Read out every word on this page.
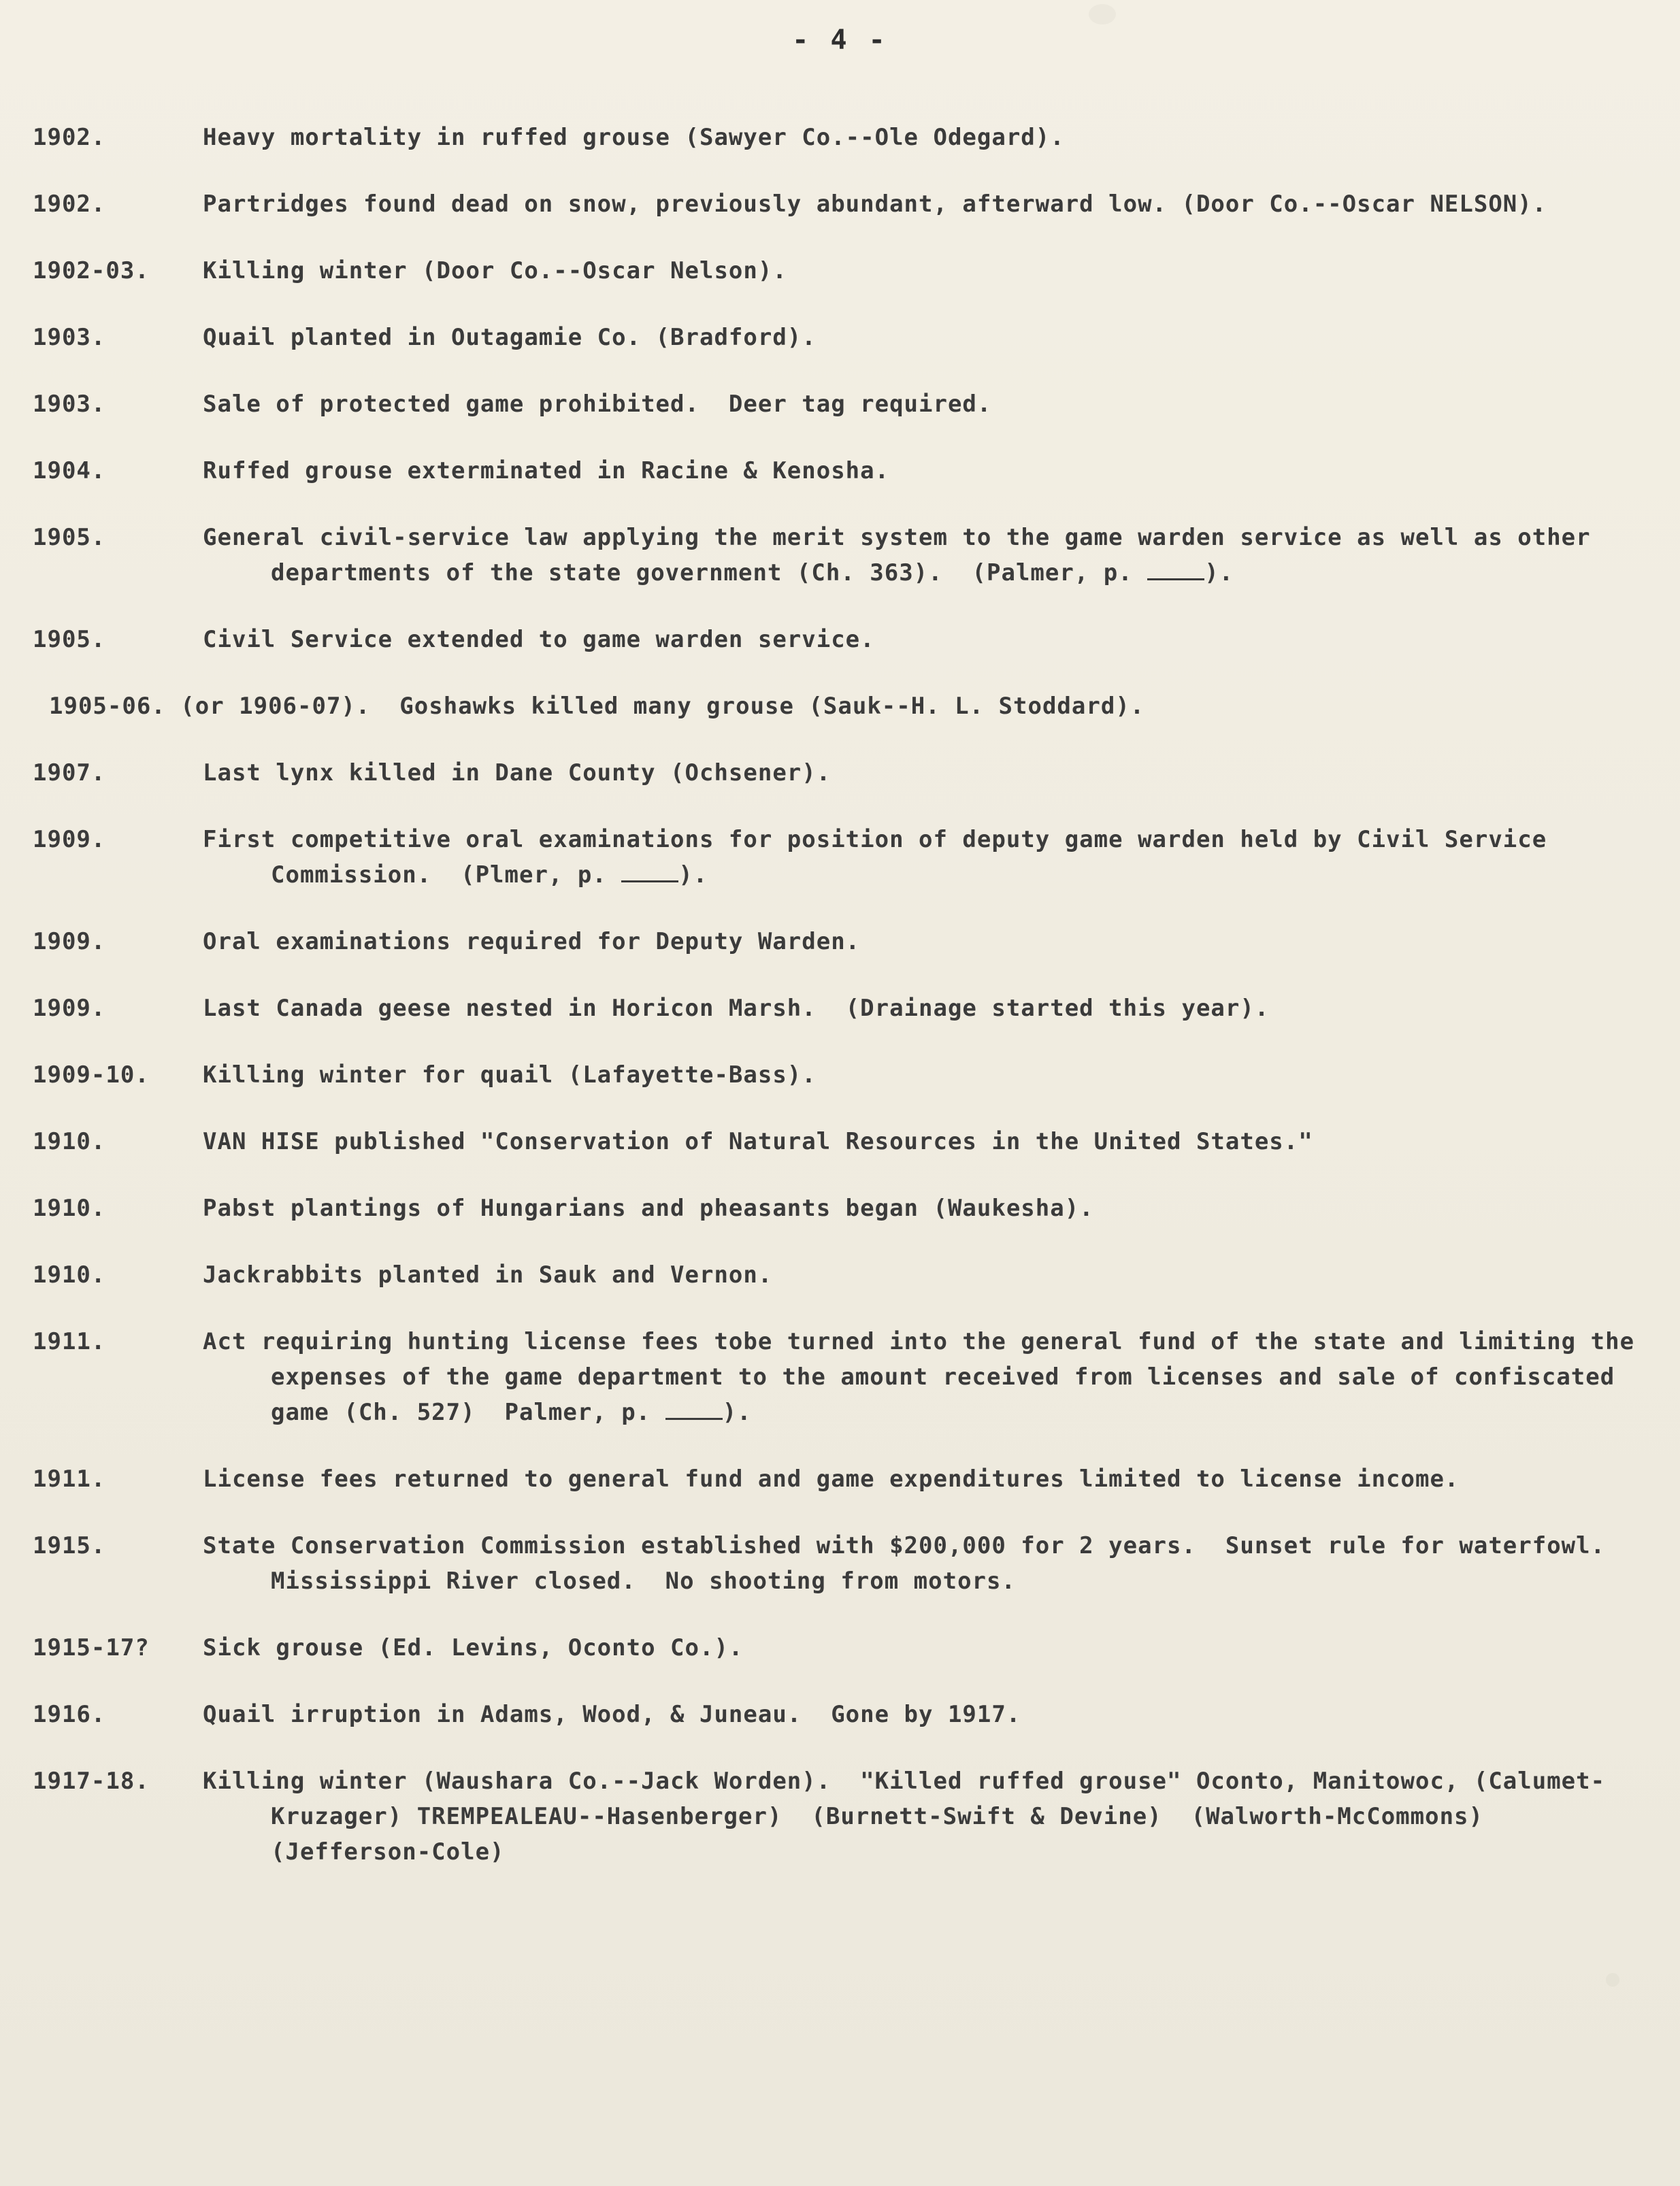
- 4 -
1902.	Heavy mortality in ruffed grouse (Sawyer Co.--Ole Odegard).
1902.	Partridges found dead on snow, previously abundant, afterward low. (Door Co.--Oscar NELSON).
1902-03.	Killing winter (Door Co.--Oscar Nelson).
1903.	Quail planted in Outagamie Co. (Bradford).
1903.	Sale of protected game prohibited.  Deer tag required.
1904.	Ruffed grouse exterminated in Racine & Kenosha.
1905.	General civil-service law applying the merit system to the game warden service as well as other departments of the state government (Ch. 363).  (Palmer, p. ).
1905.	Civil Service extended to game warden service.
1905-06. (or 1906-07).  Goshawks killed many grouse (Sauk--H. L. Stoddard).
1907.	Last lynx killed in Dane County (Ochsener).
1909.	First competitive oral examinations for position of deputy game warden held by Civil Service Commission.  (Plmer, p. ).
1909.	Oral examinations required for Deputy Warden.
1909.	Last Canada geese nested in Horicon Marsh.  (Drainage started this year).
1909-10.	Killing winter for quail (Lafayette-Bass).
1910.	VAN HISE published "Conservation of Natural Resources in the United States."
1910.	Pabst plantings of Hungarians and pheasants began (Waukesha).
1910.	Jackrabbits planted in Sauk and Vernon.
1911.	Act requiring hunting license fees tobe turned into the general fund of the state and limiting the expenses of the game department to the amount received from licenses and sale of confiscated game (Ch. 527)  Palmer, p. ).
1911.	License fees returned to general fund and game expenditures limited to license income.
1915.	State Conservation Commission established with $200,000 for 2 years.  Sunset rule for waterfowl.  Mississippi River closed.  No shooting from motors.
1915-17?	Sick grouse (Ed. Levins, Oconto Co.).
1916.	Quail irruption in Adams, Wood, & Juneau.  Gone by 1917.
1917-18.	Killing winter (Waushara Co.--Jack Worden).  "Killed ruffed grouse" Oconto, Manitowoc, (Calumet-Kruzager) TREMPEALEAU--Hasenberger)  (Burnett-Swift & Devine)  (Walworth-McCommons)  (Jefferson-Cole)
